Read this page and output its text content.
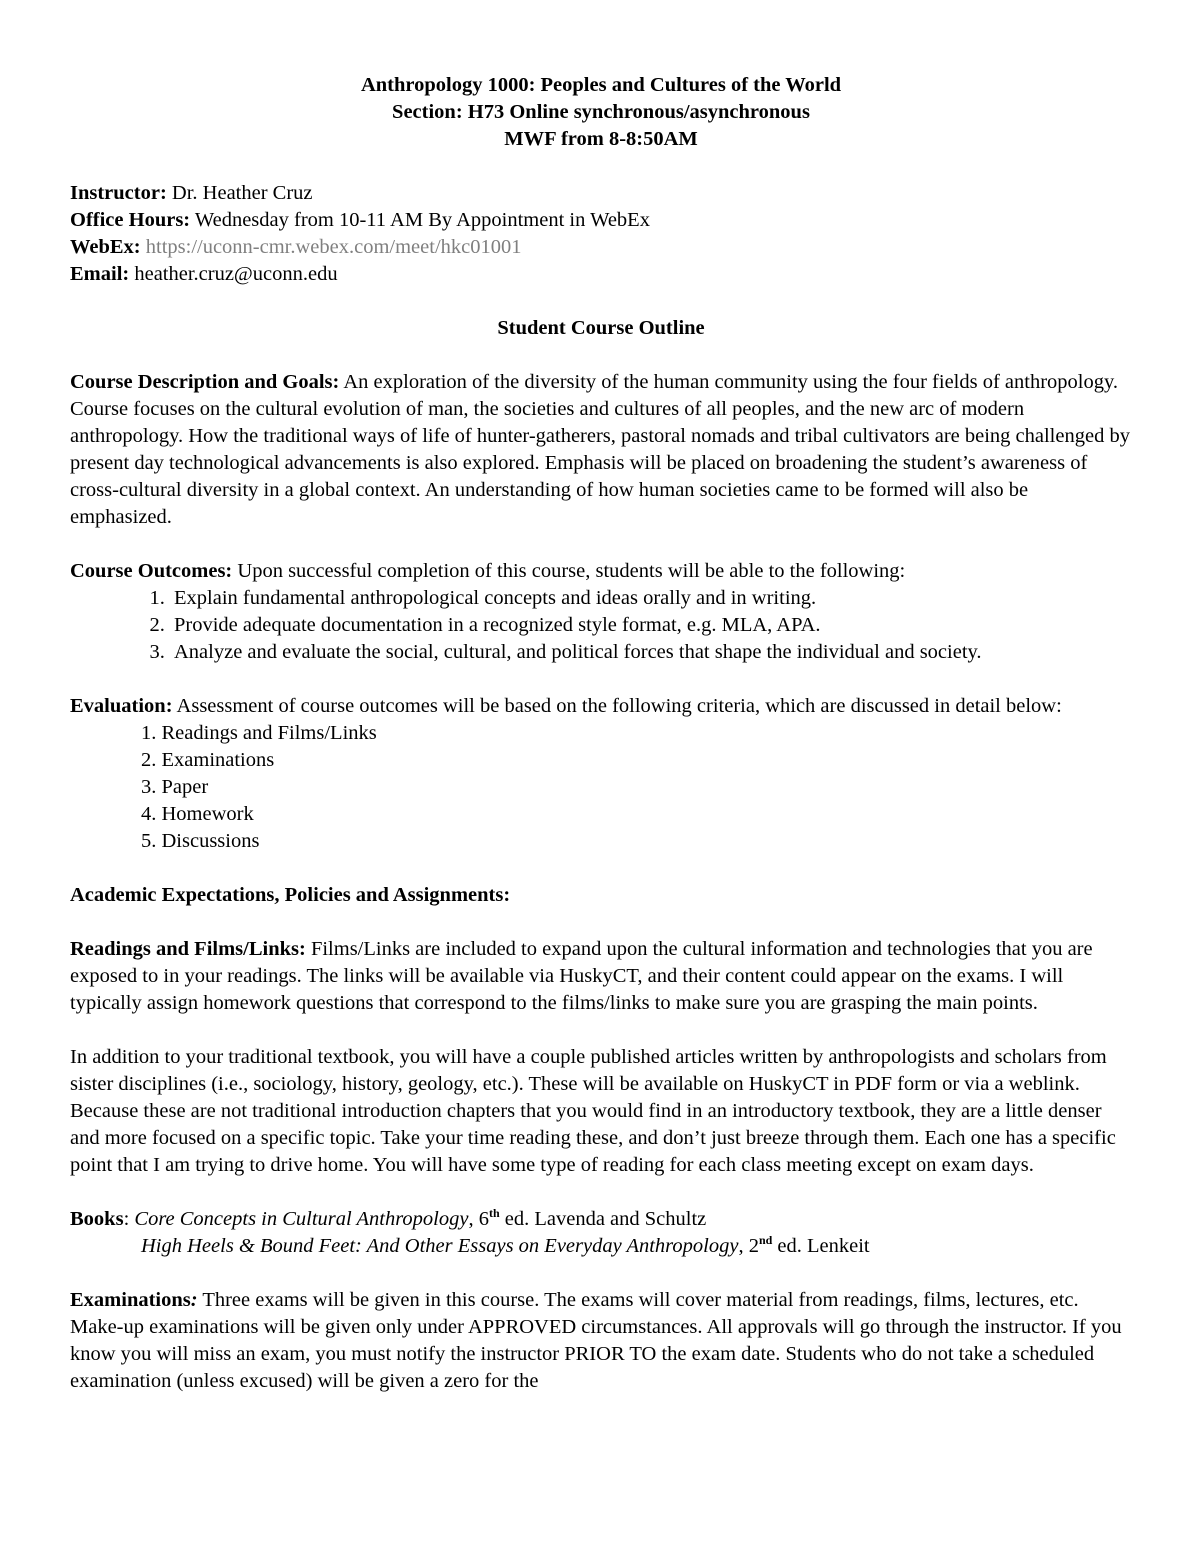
Anthropology 1000: Peoples and Cultures of the World

Section: H73 Online synchronous/asynchronous

MWF from 8-8:50AM

Instructor: Dr. Heather Cruz

Office Hours: Wednesday from 10-11 AM By Appointment in WebEx

WebEx: https://uconn-cmr.webex.com/meet/hkc01001

Email: heather.cruz@uconn.edu

Student Course Outline

Course Description and Goals: An exploration of the diversity of the human community using the four fields of anthropology. Course focuses on the cultural evolution of man, the societies and cultures of all peoples, and the new arc of modern anthropology. How the traditional ways of life of hunter-gatherers, pastoral nomads and tribal cultivators are being challenged by present day technological advancements is also explored. Emphasis will be placed on broadening the student’s awareness of cross-cultural diversity in a global context. An understanding of how human societies came to be formed will also be emphasized.

Course Outcomes: Upon successful completion of this course, students will be able to the following:

1. Explain fundamental anthropological concepts and ideas orally and in writing.
2. Provide adequate documentation in a recognized style format, e.g. MLA, APA.
3. Analyze and evaluate the social, cultural, and political forces that shape the individual and society.

Evaluation: Assessment of course outcomes will be based on the following criteria, which are discussed in detail below:

1. Readings and Films/Links
2. Examinations
3. Paper
4. Homework
5. Discussions

Academic Expectations, Policies and Assignments:

Readings and Films/Links: Films/Links are included to expand upon the cultural information and technologies that you are exposed to in your readings. The links will be available via HuskyCT, and their content could appear on the exams. I will typically assign homework questions that correspond to the films/links to make sure you are grasping the main points.

In addition to your traditional textbook, you will have a couple published articles written by anthropologists and scholars from sister disciplines (i.e., sociology, history, geology, etc.). These will be available on HuskyCT in PDF form or via a weblink. Because these are not traditional introduction chapters that you would find in an introductory textbook, they are a little denser and more focused on a specific topic. Take your time reading these, and don’t just breeze through them. Each one has a specific point that I am trying to drive home. You will have some type of reading for each class meeting except on exam days.

Books: Core Concepts in Cultural Anthropology, 6th ed. Lavenda and Schultz

High Heels & Bound Feet: And Other Essays on Everyday Anthropology, 2nd ed. Lenkeit

Examinations: Three exams will be given in this course. The exams will cover material from readings, films, lectures, etc. Make-up examinations will be given only under APPROVED circumstances. All approvals will go through the instructor. If you know you will miss an exam, you must notify the instructor PRIOR TO the exam date. Students who do not take a scheduled examination (unless excused) will be given a zero for the
